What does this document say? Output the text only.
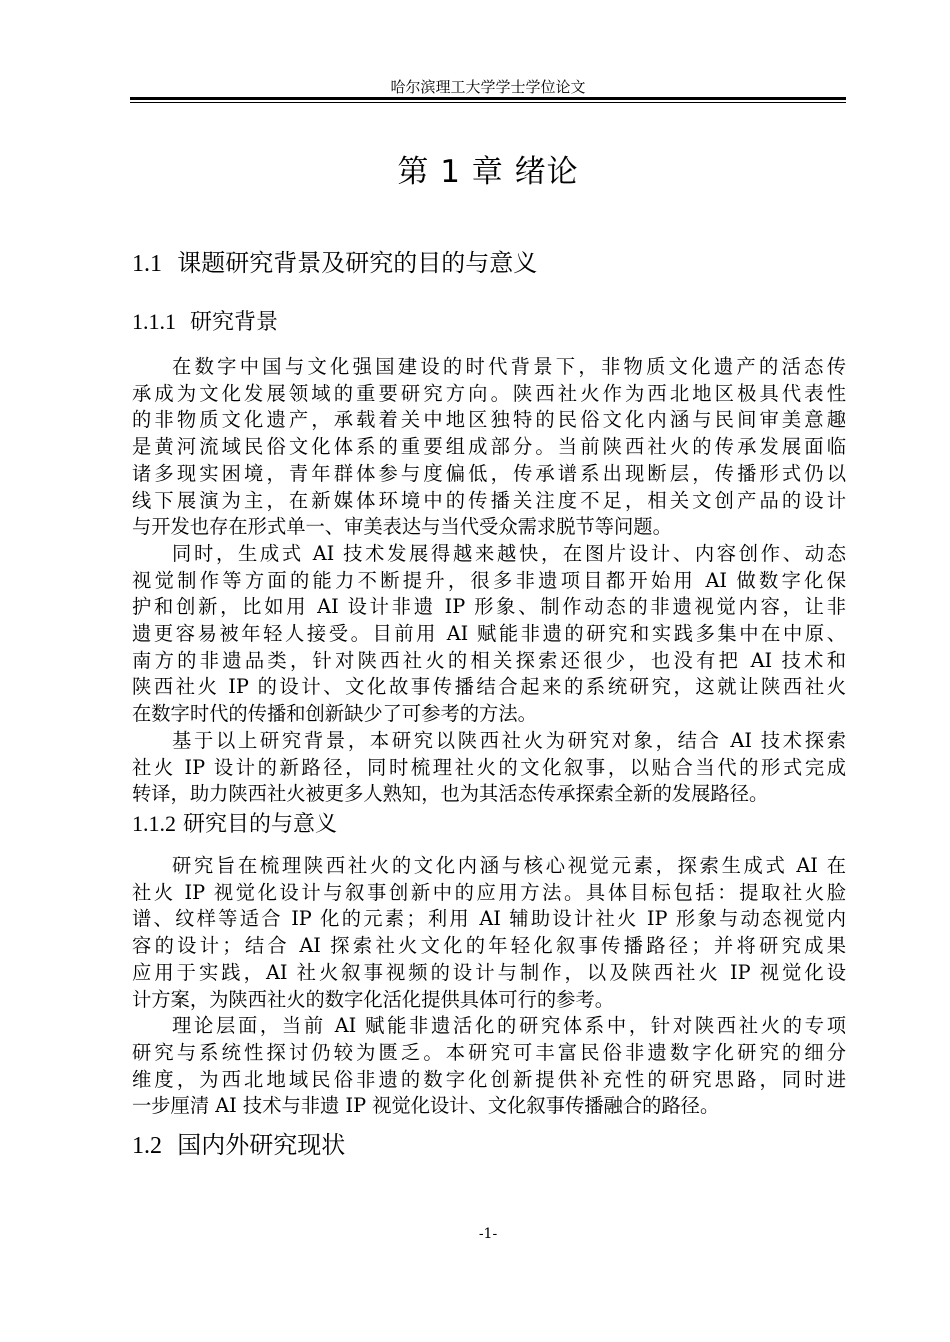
哈尔滨理工大学学士学位论文
第 1 章 绪论
1.1 课题研究背景及研究的目的与意义
1.1.1 研究背景
在数字中国与文化强国建设的时代背景下，非物质文化遗产的活态传
承成为文化发展领域的重要研究方向。陕西社火作为西北地区极具代表性
的非物质文化遗产，承载着关中地区独特的民俗文化内涵与民间审美意趣
是黄河流域民俗文化体系的重要组成部分。当前陕西社火的传承发展面临
诸多现实困境，青年群体参与度偏低，传承谱系出现断层，传播形式仍以
线下展演为主，在新媒体环境中的传播关注度不足，相关文创产品的设计
与开发也存在形式单一、审美表达与当代受众需求脱节等问题。
同时，生成式 AI 技术发展得越来越快，在图片设计、内容创作、动态
视觉制作等方面的能力不断提升，很多非遗项目都开始用 AI 做数字化保
护和创新，比如用 AI 设计非遗 IP 形象、制作动态的非遗视觉内容，让非
遗更容易被年轻人接受。目前用 AI 赋能非遗的研究和实践多集中在中原、
南方的非遗品类，针对陕西社火的相关探索还很少，也没有把 AI 技术和
陕西社火 IP 的设计、文化故事传播结合起来的系统研究，这就让陕西社火
在数字时代的传播和创新缺少了可参考的方法。
基于以上研究背景，本研究以陕西社火为研究对象，结合 AI 技术探索
社火 IP 设计的新路径，同时梳理社火的文化叙事，以贴合当代的形式完成
转译，助力陕西社火被更多人熟知，也为其活态传承探索全新的发展路径。
1.1.2 研究目的与意义
研究旨在梳理陕西社火的文化内涵与核心视觉元素，探索生成式 AI 在
社火 IP 视觉化设计与叙事创新中的应用方法。具体目标包括：提取社火脸
谱、纹样等适合 IP 化的元素；利用 AI 辅助设计社火 IP 形象与动态视觉内
容的设计；结合 AI 探索社火文化的年轻化叙事传播路径；并将研究成果
应用于实践，AI 社火叙事视频的设计与制作，以及陕西社火 IP 视觉化设
计方案，为陕西社火的数字化活化提供具体可行的参考。
理论层面，当前 AI 赋能非遗活化的研究体系中，针对陕西社火的专项
研究与系统性探讨仍较为匮乏。本研究可丰富民俗非遗数字化研究的细分
维度，为西北地域民俗非遗的数字化创新提供补充性的研究思路，同时进
一步厘清 AI 技术与非遗 IP 视觉化设计、文化叙事传播融合的路径。
1.2 国内外研究现状
-1-
